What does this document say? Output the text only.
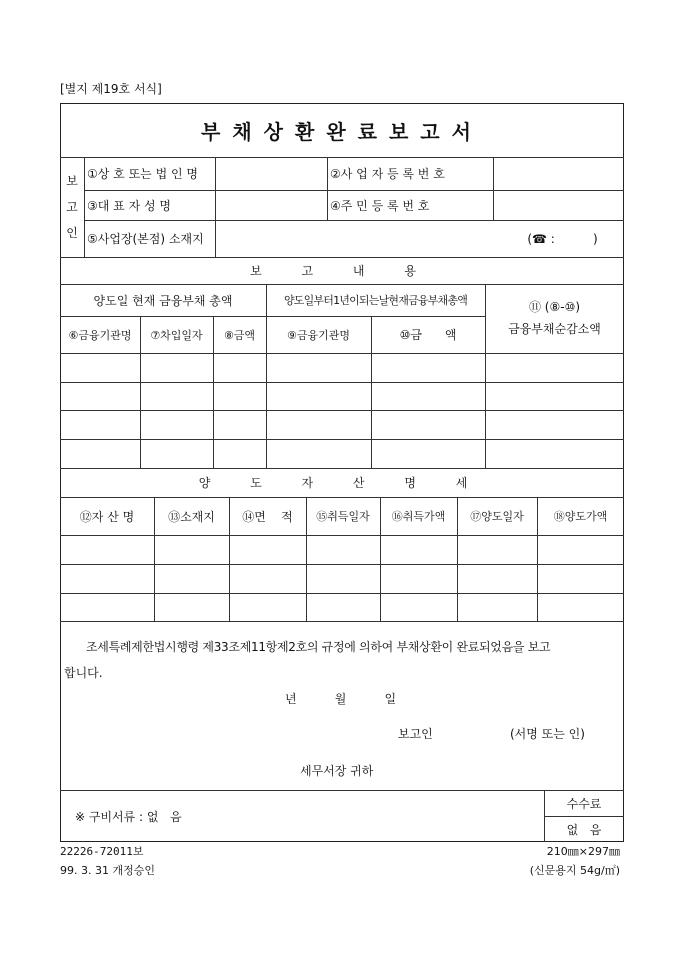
[별지 제19호 서식]
부채상환완료보고서
보고인
①상 호 또는 법 인 명	②사 업 자 등 록 번 호
③대 표 자 성 명	④주 민 등 록 번 호
⑤사업장(본점) 소재지	(☎ :          )
보 고 내 용
양도일 현재 금융부채 총액	양도일부터1년이되는날현재금융부채총액	⑪ (⑧-⑩)
금융부채순감소액
⑥금융기관명	⑦차입일자	⑧금액	⑨금융기관명	⑩금      액
양 도 자 산 명 세
⑫자 산 명	⑬소재지	⑭면    적	⑮취득일자	⑯취득가액	⑰양도일자	⑱양도가액
조세특례제한법시행령 제33조제11항제2호의 규정에 의하여 부채상환이 완료되었음을 보고
합니다.
년          월          일
보고인	(서명 또는 인)
세무서장 귀하
※ 구비서류 : 없   음
수수료
없   음
22226-72011보	210㎜×297㎜
99. 3. 31 개정승인	(신문용지 54g/㎡)
